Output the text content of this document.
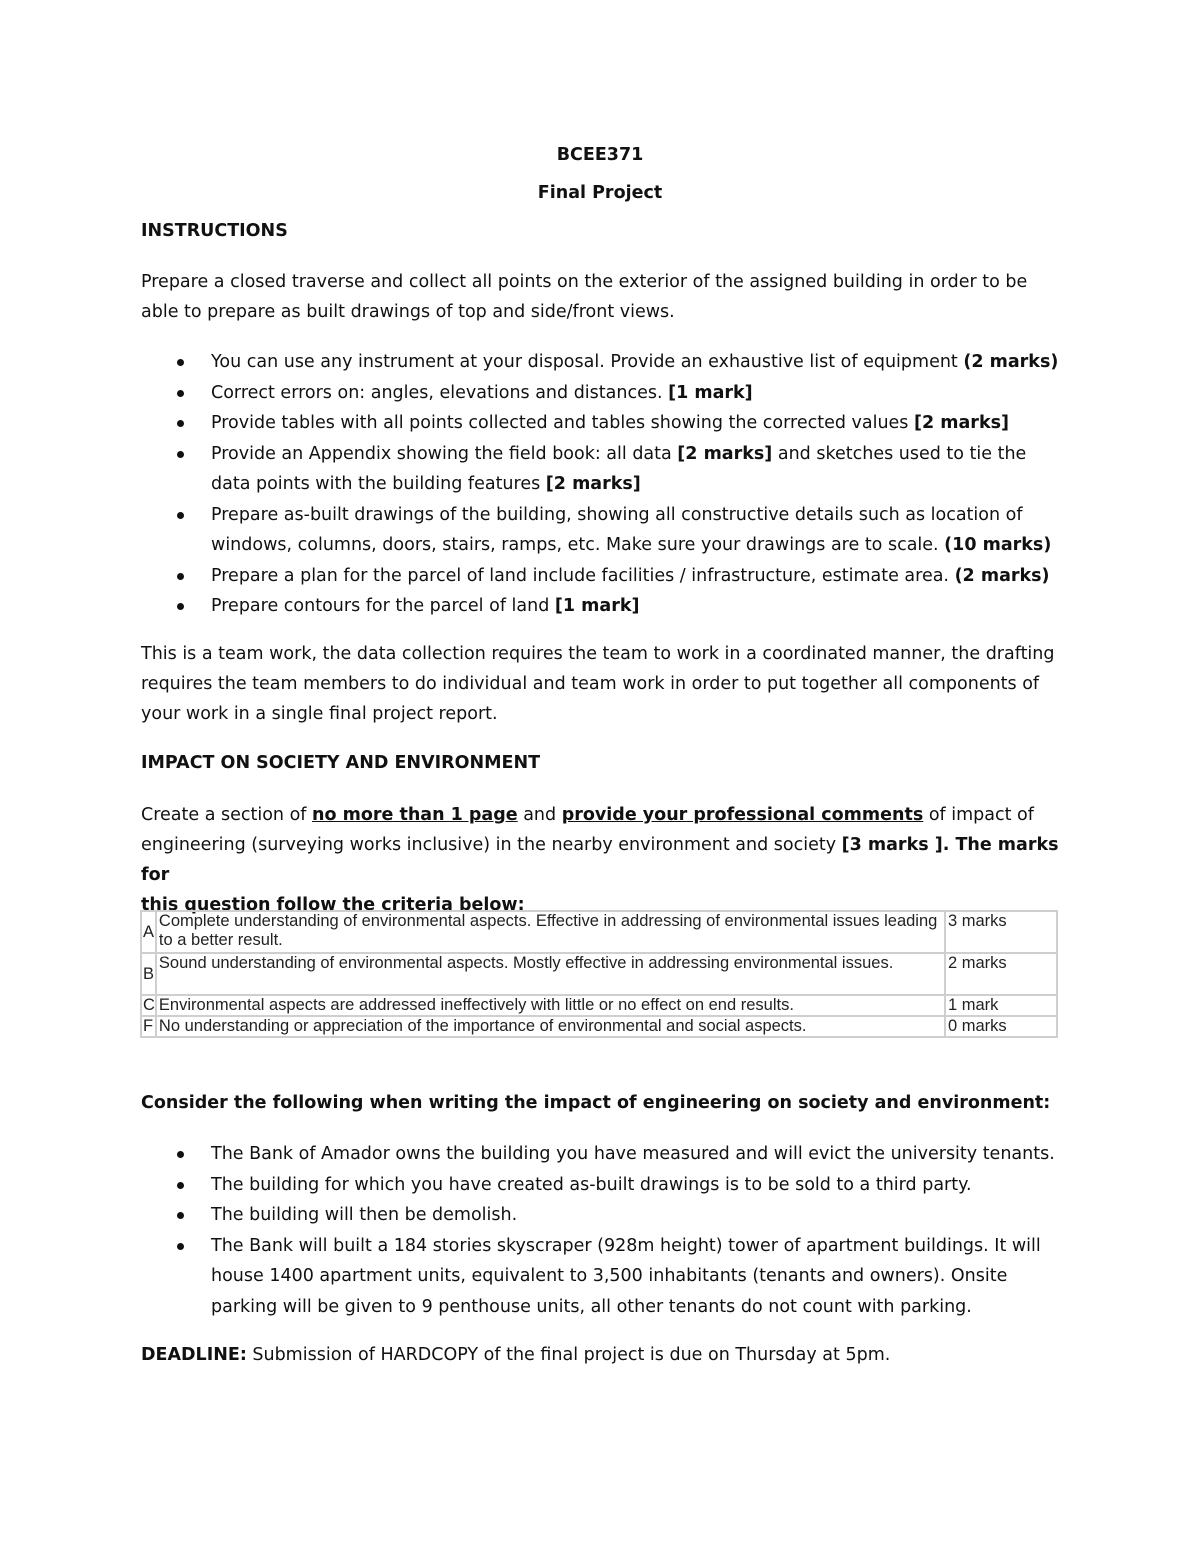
BCEE371
Final Project
INSTRUCTIONS
Prepare a closed traverse and collect all points on the exterior of the assigned building in order to be
able to prepare as built drawings of top and side/front views.
You can use any instrument at your disposal. Provide an exhaustive list of equipment (2 marks)
Correct errors on: angles, elevations and distances. [1 mark]
Provide tables with all points collected and tables showing the corrected values [2 marks]
Provide an Appendix showing the field book: all data [2 marks] and sketches used to tie the data points with the building features [2 marks]
Prepare as-built drawings of the building, showing all constructive details such as location of windows, columns, doors, stairs, ramps, etc. Make sure your drawings are to scale. (10 marks)
Prepare a plan for the parcel of land include facilities / infrastructure, estimate area. (2 marks)
Prepare contours for the parcel of land [1 mark]
This is a team work, the data collection requires the team to work in a coordinated manner, the drafting
requires the team members to do individual and team work in order to put together all components of
your work in a single final project report.
IMPACT ON SOCIETY AND ENVIRONMENT
Create a section of no more than 1 page and provide your professional comments of impact of
engineering (surveying works inclusive) in the nearby environment and society [3 marks ]. The marks for
this question follow the criteria below:
A	Complete understanding of environmental aspects. Effective in addressing of environmental issues leading to a better result.	3 marks
B	Sound understanding of environmental aspects. Mostly effective in addressing environmental issues.	2 marks
C	Environmental aspects are addressed ineffectively with little or no effect on end results.	1 mark
F	No understanding or appreciation of the importance of environmental and social aspects.	0 marks
Consider the following when writing the impact of engineering on society and environment:
The Bank of Amador owns the building you have measured and will evict the university tenants.
The building for which you have created as-built drawings is to be sold to a third party.
The building will then be demolish.
The Bank will built a 184 stories skyscraper (928m height) tower of apartment buildings. It will house 1400 apartment units, equivalent to 3,500 inhabitants (tenants and owners). Onsite parking will be given to 9 penthouse units, all other tenants do not count with parking.
DEADLINE: Submission of HARDCOPY of the final project is due on Thursday at 5pm.
